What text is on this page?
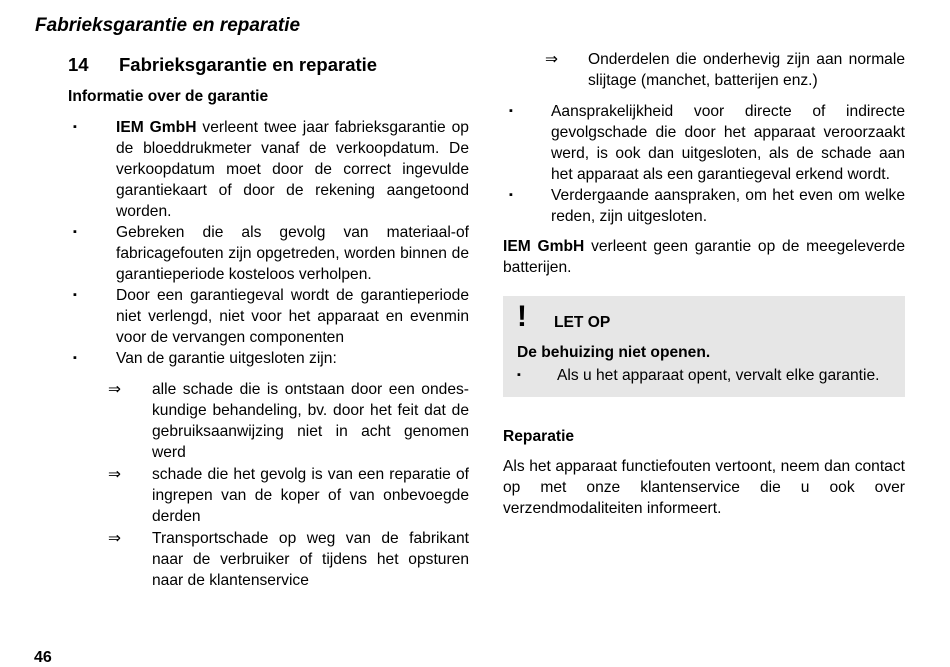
Fabrieksgarantie en reparatie
14	Fabrieksgarantie en reparatie
Informatie over de garantie
▪	IEM GmbH verleent twee jaar fabrieksgarantie op de bloeddrukmeter vanaf de verkoopdatum. De verkoopdatum moet door de correct ingevulde garantiekaart of door de rekening aangetoond worden.
▪	Gebreken die als gevolg van materiaal-of fabricagefouten zijn opgetreden, worden binnen de garantieperiode kosteloos verholpen.
▪	Door een garantiegeval wordt de garantieperiode niet verlengd, niet voor het apparaat en evenmin voor de vervangen componenten
▪	Van de garantie uitgesloten zijn:
⇒ alle schade die is ontstaan door een ondeskundige behandeling, bv. door het feit dat de gebruiksaanwijzing niet in acht genomen werd
⇒ schade die het gevolg is van een reparatie of ingrepen van de koper of van onbevoegde derden
⇒ Transportschade op weg van de fabrikant naar de verbruiker of tijdens het opsturen naar de klantenservice
⇒ Onderdelen die onderhevig zijn aan normale slijtage (manchet, batterijen enz.)
▪ Aansprakelijkheid voor directe of indirecte gevolgschade die door het apparaat veroorzaakt werd, is ook dan uitgesloten, als de schade aan het apparaat als een garantiegeval erkend wordt.
▪ Verdergaande aanspraken, om het even om welke reden, zijn uitgesloten.

IEM GmbH verleent geen garantie op de meegeleverde batterijen.

! LET OP
De behuizing niet openen.
▪ Als u het apparaat opent, vervalt elke garantie.
Reparatie

Als het apparaat functiefouten vertoont, neem dan contact op met onze klantenservice die u ook over verzendmodaliteiten informeert.

46
